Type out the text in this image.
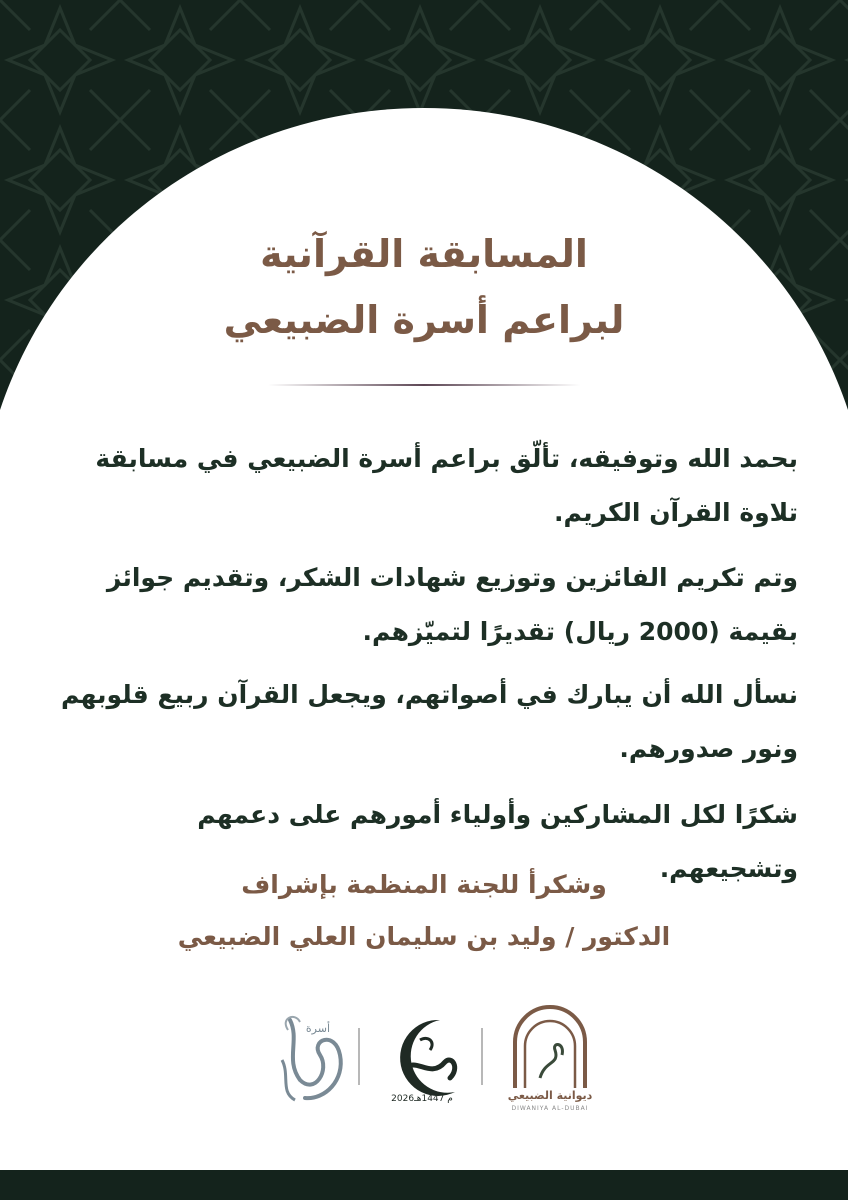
المسابقة القرآنية
لبراعم أسرة الضبيعي
بحمد الله وتوفيقه، تألّق براعم أسرة الضبيعي في مسابقة تلاوة القرآن الكريم.
وتم تكريم الفائزين وتوزيع شهادات الشكر، وتقديم جوائز بقيمة (2000 ريال) تقديرًا لتميّزهم.
نسأل الله أن يبارك في أصواتهم، ويجعل القرآن ربيع قلوبهم ونور صدورهم.
شكرًا لكل المشاركين وأولياء أمورهم على دعمهم وتشجيعهم.
وشكرأ للجنة المنظمة بإشراف
الدكتور / وليد بن سليمان العلي الضبيعي
أسرة
2026م 1447هـ	ديوانية الضبيعي
DIWANIYA AL-DUBAI
